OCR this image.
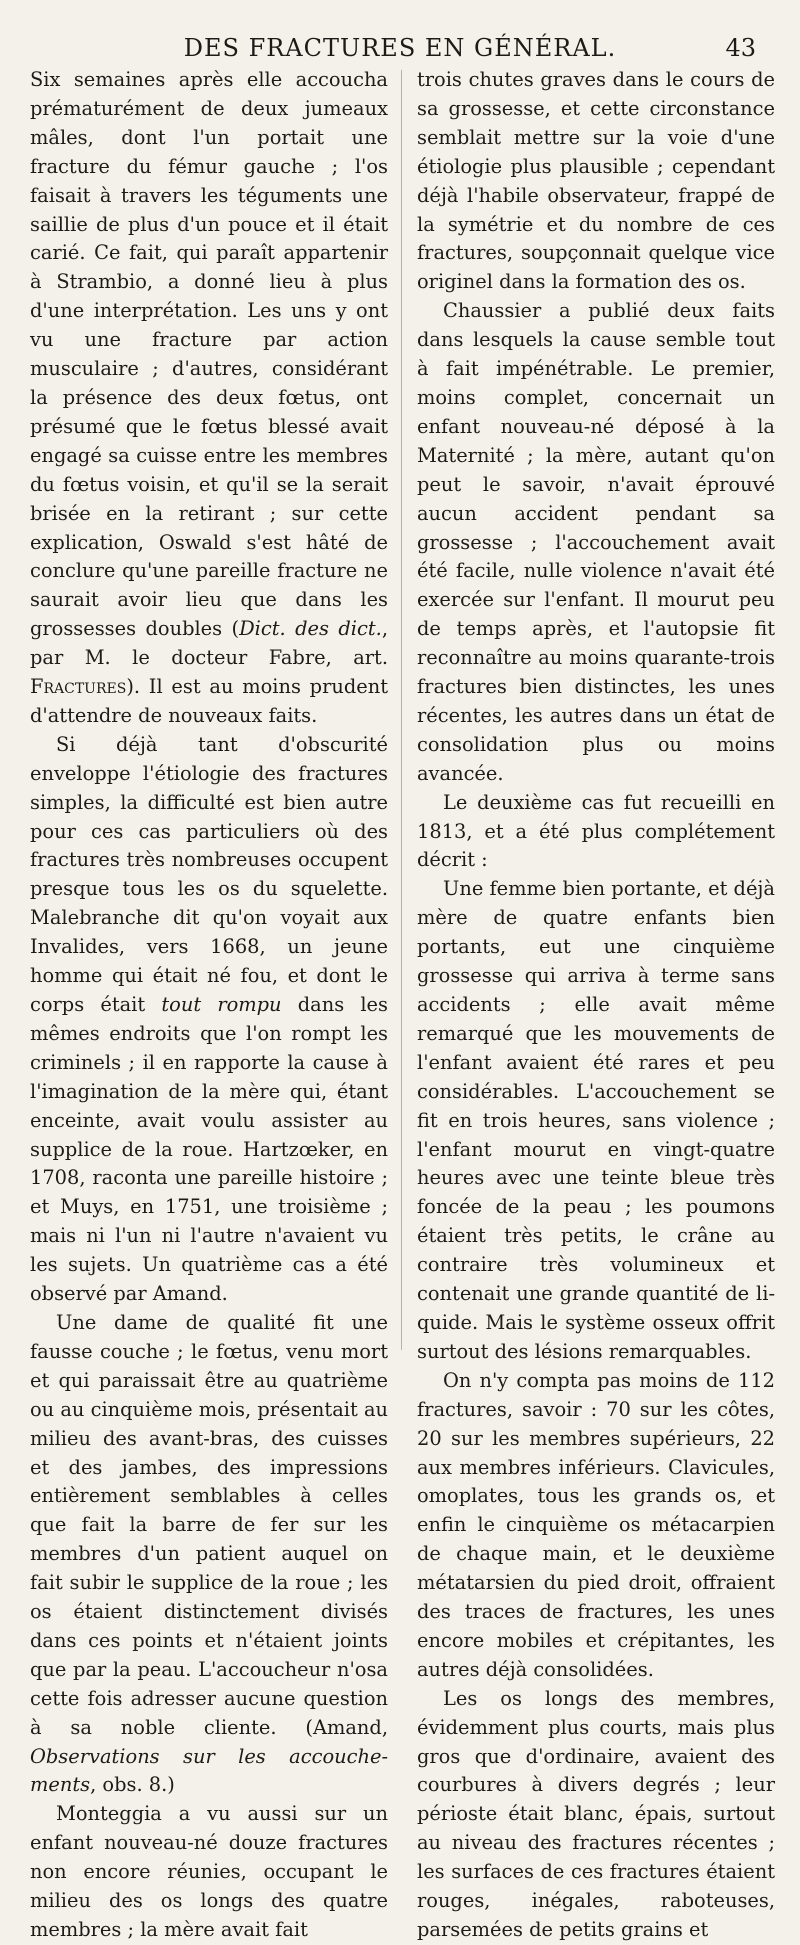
DES FRACTURES EN GÉNÉRAL.	43

Six semaines après elle accoucha prématurément de deux jumeaux mâles, dont l'un portait une fracture du fémur gauche ; l'os faisait à travers les téguments une saillie de plus d'un pouce et il était carié. Ce fait, qui paraît appartenir à Strambio, a donné lieu à plus d'une interprétation. Les uns y ont vu une fracture par action musculaire ; d'autres, considérant la présence des deux fœtus, ont présumé que le fœtus blessé avait engagé sa cuisse entre les membres du fœtus voisin, et qu'il se la serait brisée en la retirant ; sur cette explication, Oswald s'est hâté de conclure qu'une pareille fracture ne saurait avoir lieu que dans les grossesses doubles (Dict. des dict., par M. le docteur Fabre, art. Fractures). Il est au moins prudent d'attendre de nouveaux faits.

Si déjà tant d'obscurité enveloppe l'étiologie des fractures simples, la difficulté est bien autre pour ces cas particuliers où des fractures très nombreuses occupent presque tous les os du squelette. Malebranche dit qu'on voyait aux Invalides, vers 1668, un jeune homme qui était né fou, et dont le corps était tout rompu dans les mêmes endroits que l'on rompt les criminels ; il en rapporte la cause à l'imagination de la mère qui, étant enceinte, avait voulu assister au supplice de la roue. Hartzœker, en 1708, raconta une pareille histoire ; et Muys, en 1751, une troisième ; mais ni l'un ni l'autre n'avaient vu les sujets. Un quatrième cas a été observé par Amand.

Une dame de qualité fit une fausse couche ; le fœtus, venu mort et qui paraissait être au quatrième ou au cinquième mois, présentait au milieu des avant-bras, des cuisses et des jambes, des impressions entièrement semblables à celles que fait la barre de fer sur les membres d'un patient auquel on fait subir le supplice de la roue ; les os étaient distinctement divisés dans ces points et n'étaient joints que par la peau. L'accoucheur n'osa cette fois adresser aucune question à sa noble cliente. (Amand, Observations sur les accouchements, obs. 8.)

Monteggia a vu aussi sur un enfant nouveau-né douze fractures non encore réunies, occupant le milieu des os longs des quatre membres ; la mère avait fait

trois chutes graves dans le cours de sa grossesse, et cette circonstance semblait mettre sur la voie d'une étiologie plus plausible ; cependant déjà l'habile observateur, frappé de la symétrie et du nombre de ces fractures, soupçonnait quelque vice originel dans la formation des os.

Chaussier a publié deux faits dans lesquels la cause semble tout à fait impénétrable. Le premier, moins complet, concernait un enfant nouveau-né déposé à la Maternité ; la mère, autant qu'on peut le savoir, n'avait éprouvé aucun accident pendant sa grossesse ; l'accouchement avait été facile, nulle violence n'avait été exercée sur l'enfant. Il mourut peu de temps après, et l'autopsie fit reconnaître au moins quarante-trois fractures bien distinctes, les unes récentes, les autres dans un état de consolidation plus ou moins avancée.

Le deuxième cas fut recueilli en 1813, et a été plus complétement décrit :

Une femme bien portante, et déjà mère de quatre enfants bien portants, eut une cinquième grossesse qui arriva à terme sans accidents ; elle avait même remarqué que les mouvements de l'enfant avaient été rares et peu considérables. L'accouchement se fit en trois heures, sans violence ; l'enfant mourut en vingt-quatre heures avec une teinte bleue très foncée de la peau ; les poumons étaient très petits, le crâne au contraire très volumineux et contenait une grande quantité de liquide. Mais le système osseux offrit surtout des lésions remarquables.

On n'y compta pas moins de 112 fractures, savoir : 70 sur les côtes, 20 sur les membres supérieurs, 22 aux membres inférieurs. Clavicules, omoplates, tous les grands os, et enfin le cinquième os métacarpien de chaque main, et le deuxième métatarsien du pied droit, offraient des traces de fractures, les unes encore mobiles et crépitantes, les autres déjà consolidées.

Les os longs des membres, évidemment plus courts, mais plus gros que d'ordinaire, avaient des courbures à divers degrés ; leur périoste était blanc, épais, surtout au niveau des fractures récentes ; les surfaces de ces fractures étaient rouges, inégales, raboteuses, parsemées de petits grains et
